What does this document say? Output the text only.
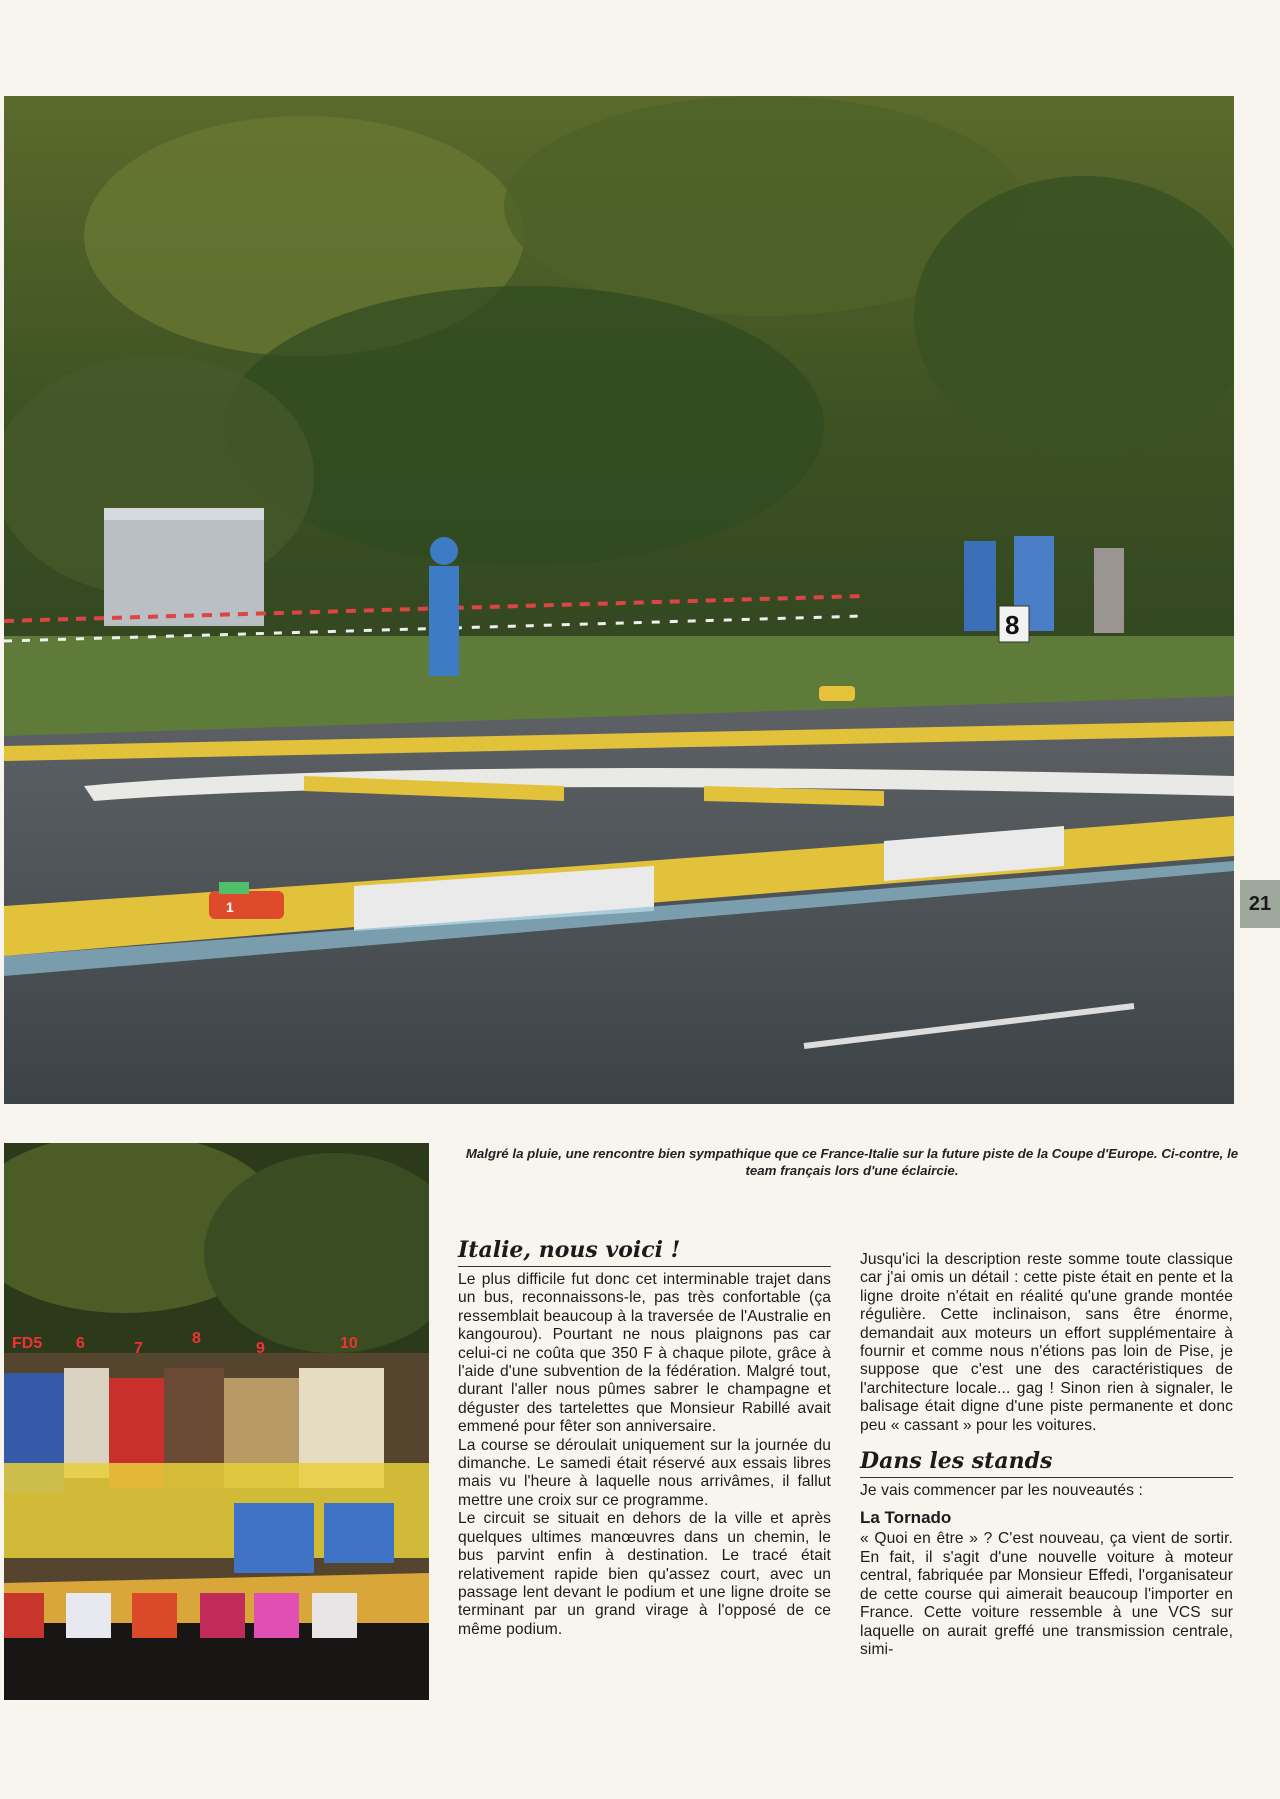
8
1
FD5 6	7
8
9	10
21
Malgré la pluie, une rencontre bien sympathique que ce France-Italie sur la future piste de la Coupe d'Europe. Ci-contre, le team français lors d'une éclaircie.
Italie, nous voici !

Le plus difficile fut donc cet interminable trajet dans un bus, reconnaissons-le, pas très confortable (ça ressemblait beaucoup à la traversée de l'Australie en kangourou). Pourtant ne nous plaignons pas car celui-ci ne coûta que 350 F à chaque pilote, grâce à l'aide d'une subvention de la fédération. Malgré tout, durant l'aller nous pûmes sabrer le champagne et déguster des tartelettes que Monsieur Rabillé avait emmené pour fêter son anniversaire.

La course se déroulait uniquement sur la journée du dimanche. Le samedi était réservé aux essais libres mais vu l'heure à laquelle nous arrivâmes, il fallut mettre une croix sur ce programme.

Le circuit se situait en dehors de la ville et après quelques ultimes manœuvres dans un chemin, le bus parvint enfin à destination. Le tracé était relativement rapide bien qu'assez court, avec un passage lent devant le podium et une ligne droite se terminant par un grand virage à l'opposé de ce même podium.

Jusqu'ici la description reste somme toute classique car j'ai omis un détail : cette piste était en pente et la ligne droite n'était en réalité qu'une grande montée régulière. Cette inclinaison, sans être énorme, demandait aux moteurs un effort supplémentaire à fournir et comme nous n'étions pas loin de Pise, je suppose que c'est une des caractéristiques de l'architecture locale... gag ! Sinon rien à signaler, le balisage était digne d'une piste permanente et donc peu « cassant » pour les voitures.

Dans les stands

Je vais commencer par les nouveautés :

La Tornado

« Quoi en être » ? C'est nouveau, ça vient de sortir. En fait, il s'agit d'une nouvelle voiture à moteur central, fabriquée par Monsieur Effedi, l'organisateur de cette course qui aimerait beaucoup l'importer en France. Cette voiture ressemble à une VCS sur laquelle on aurait greffé une transmission centrale, simi-
